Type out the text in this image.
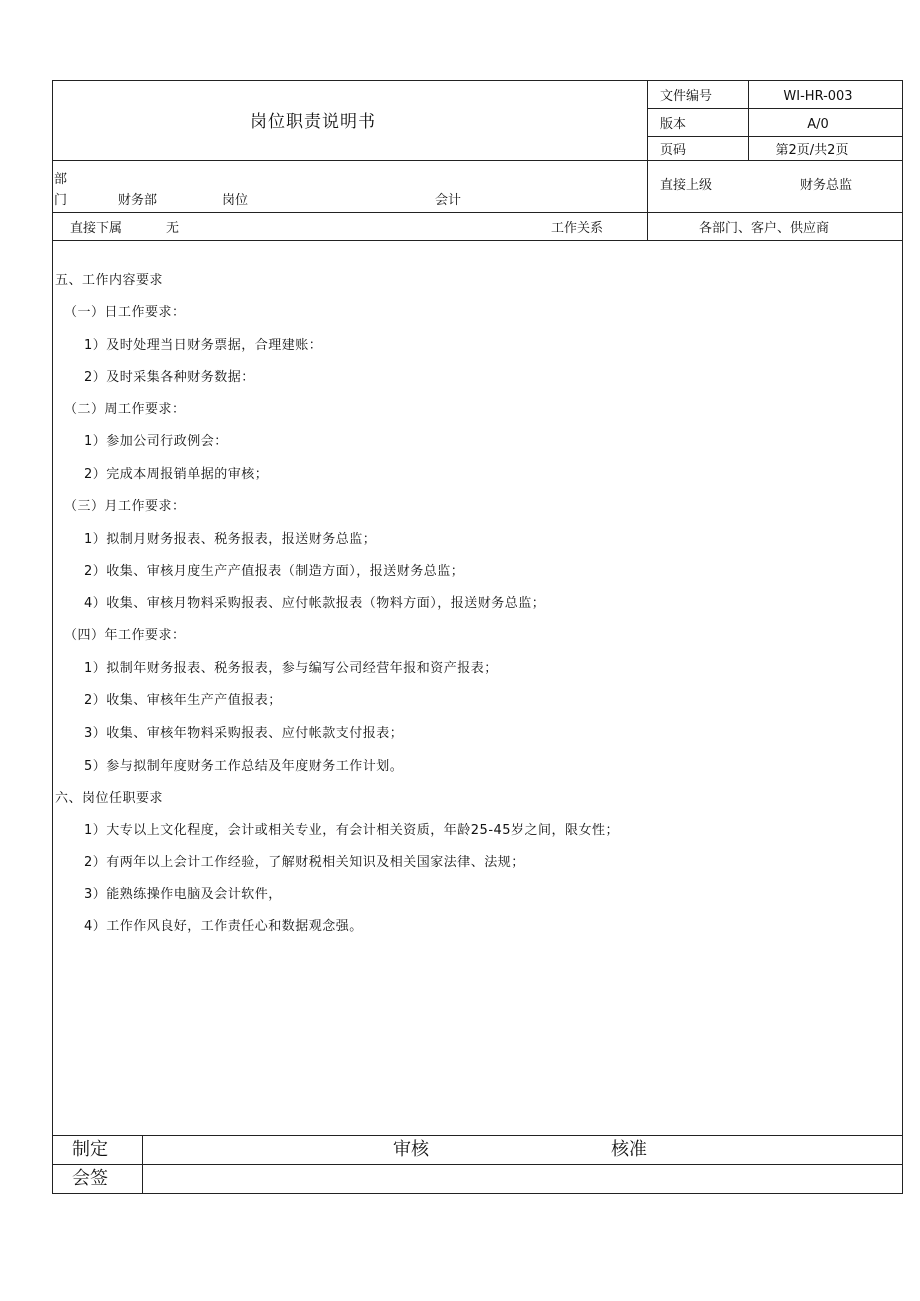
岗位职责说明书
文件编号	WI-HR-003
版本	A/0
页码	第2页/共2页
部
门	财务部	岗位	会计
直接上级	财务总监
直接下属	无	工作关系	各部门、客户、供应商
五、工作内容要求
（一）日工作要求：
1）及时处理当日财务票据，合理建账：
2）及时采集各种财务数据：
（二）周工作要求：
1）参加公司行政例会：
2）完成本周报销单据的审核；
（三）月工作要求：
1）拟制月财务报表、税务报表，报送财务总监；
2）收集、审核月度生产产值报表（制造方面），报送财务总监；
4）收集、审核月物料采购报表、应付帐款报表（物料方面），报送财务总监；
（四）年工作要求：
1）拟制年财务报表、税务报表，参与编写公司经营年报和资产报表；
2）收集、审核年生产产值报表；
3）收集、审核年物料采购报表、应付帐款支付报表；
5）参与拟制年度财务工作总结及年度财务工作计划。
六、岗位任职要求
1）大专以上文化程度，会计或相关专业，有会计相关资质，年龄25-45岁之间，限女性；
2）有两年以上会计工作经验，了解财税相关知识及相关国家法律、法规；
3）能熟练操作电脑及会计软件，
4）工作作风良好，工作责任心和数据观念强。
制定	审核	核准
会签
